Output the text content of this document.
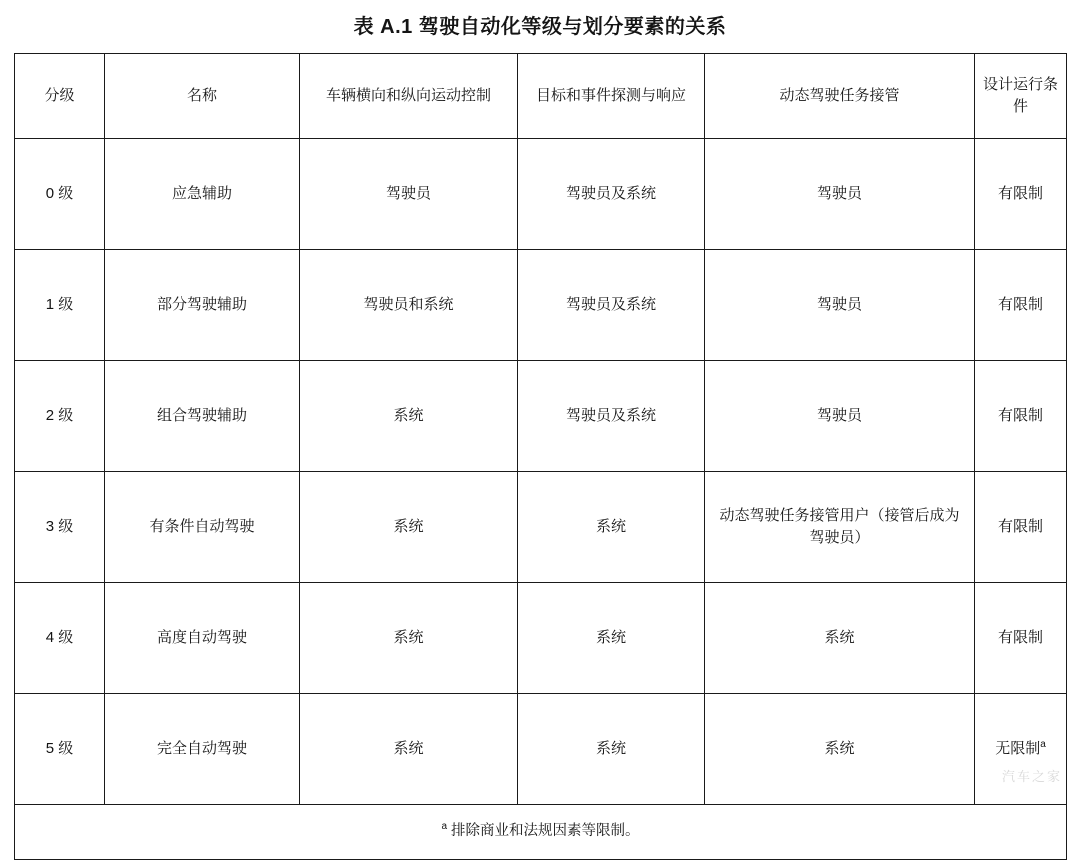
表 A.1 驾驶自动化等级与划分要素的关系
分级	名称	车辆横向和纵向运动控制	目标和事件探测与响应	动态驾驶任务接管	设计运行条件
0 级	应急辅助	驾驶员	驾驶员及系统	驾驶员	有限制
1 级	部分驾驶辅助	驾驶员和系统	驾驶员及系统	驾驶员	有限制
2 级	组合驾驶辅助	系统	驾驶员及系统	驾驶员	有限制
3 级	有条件自动驾驶	系统	系统	动态驾驶任务接管用户（接管后成为驾驶员）	有限制
4 级	高度自动驾驶	系统	系统	系统	有限制
5 级	完全自动驾驶	系统	系统	系统	无限制$^a$
$^a$ 排除商业和法规因素等限制。					
汽车之家
